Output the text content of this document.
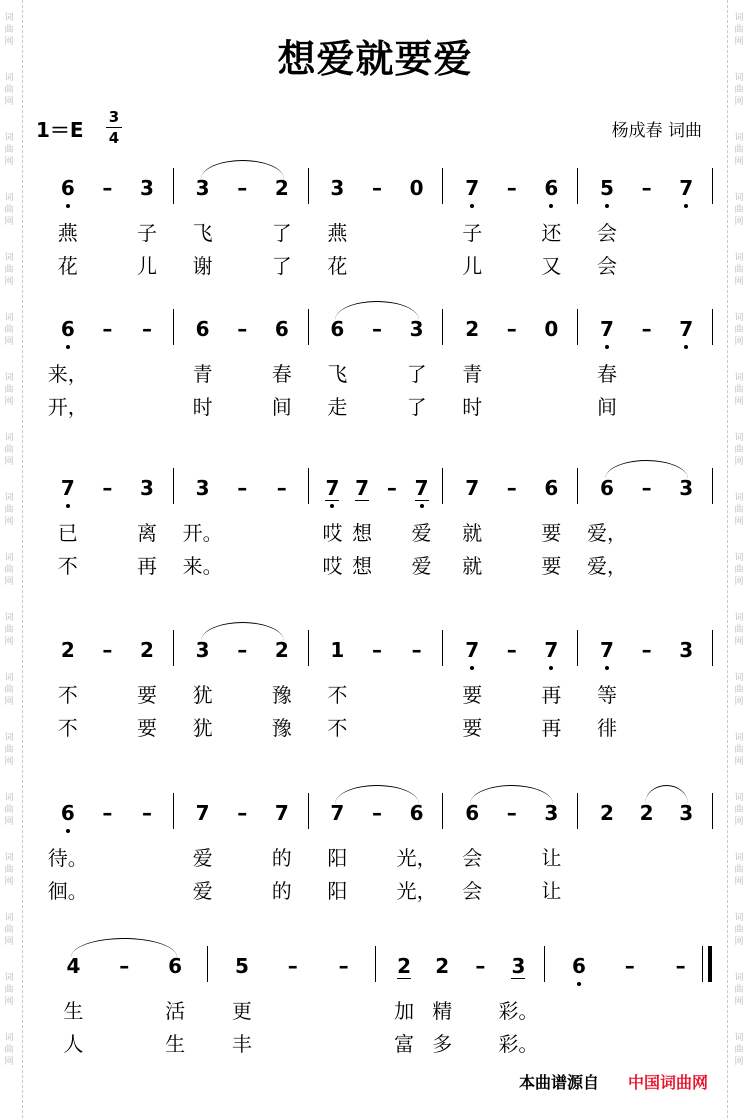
词
曲
网
词
曲
网
词
曲
网
词
曲
网
词
曲
网
词
曲
网
词
曲
网
词
曲
网
词
曲
网
词
曲
网
词
曲
网
词
曲
网
词
曲
网
词
曲
网
词
曲
网
词
曲
网
词
曲
网
词
曲
网
词
曲
网
词
曲
网
词
曲
网
词
曲
网
词
曲
网
词
曲
网
词
曲
网
词
曲
网
词
曲
网
词
曲
网
词
曲
网
词
曲
网
词
曲
网
词
曲
网
词
曲
网
词
曲
网
词
曲
网
词
曲
网
想爱就要爱
1＝E
3
4	杨成春 词曲
6 – 3 3 – 2 3 – 0 7 – 6 5 – 7
燕	子 飞	了 燕	子	还 会
花	儿 谢	了 花	儿	又 会
6 – – 6 – 6 6 – 3 2 – 0 7 – 7
来，	青	春 飞	了 青	春
开，	时	间 走	了 时	间
7 – 3 3 – – 7 7 – 7 7 – 6 6 – 3
已	离 开。	哎 想 爱 就	要 爱，
不	再 来。	哎 想 爱 就	要 爱，
2 – 2 3 – 2 1 – – 7 – 7 7 – 3
不	要 犹	豫 不	要	再 等
不	要 犹	豫 不	要	再 徘
6 – – 7 – 7 7 – 6 6 – 3 2 2 3
待。	爱	的 阳 光， 会	让
徊。	爱	的 阳 光， 会	让
4 – 6	5 – – 2 2 – 3 6 – –
生	活 更	加 精 彩。
人	生 丰	富 多 彩。
本曲谱源自 中国词曲网
